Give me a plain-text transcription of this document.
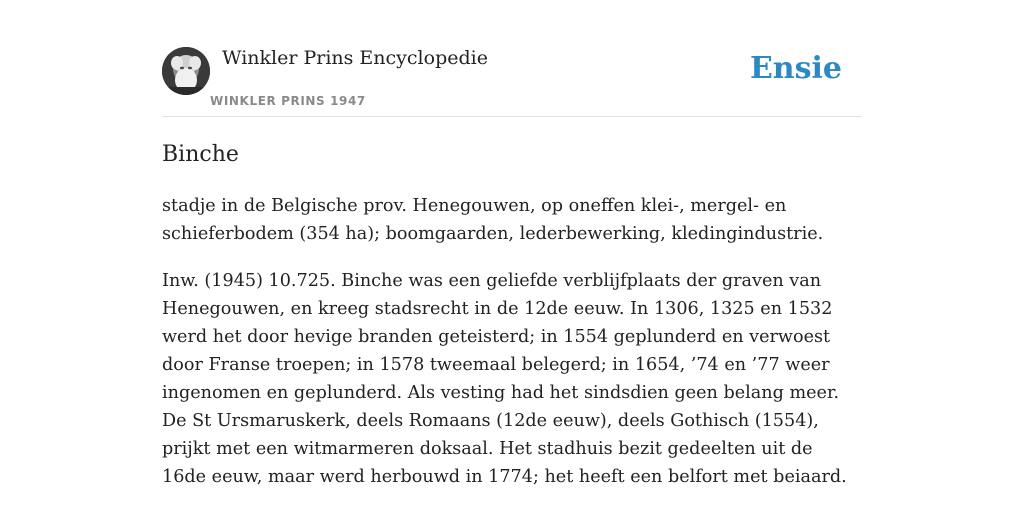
Winkler Prins Encyclopedie
WINKLER PRINS 1947
Ensie
Binche

stadje in de Belgische prov. Henegouwen, op oneffen klei-, mergel- en schieferbodem (354 ha); boomgaarden, lederbewerking, kledingindustrie.

Inw. (1945) 10.725. Binche was een geliefde verblijfplaats der graven van Henegouwen, en kreeg stadsrecht in de 12de eeuw. In 1306, 1325 en 1532 werd het door hevige branden geteisterd; in 1554 geplunderd en verwoest door Franse troepen; in 1578 tweemaal belegerd; in 1654, ’74 en ’77 weer ingenomen en geplunderd. Als vesting had het sindsdien geen belang meer. De St Ursmaruskerk, deels Romaans (12de eeuw), deels Gothisch (1554), prijkt met een witmarmeren doksaal. Het stadhuis bezit gedeelten uit de 16de eeuw, maar werd herbouwd in 1774; het heeft een belfort met beiaard.
